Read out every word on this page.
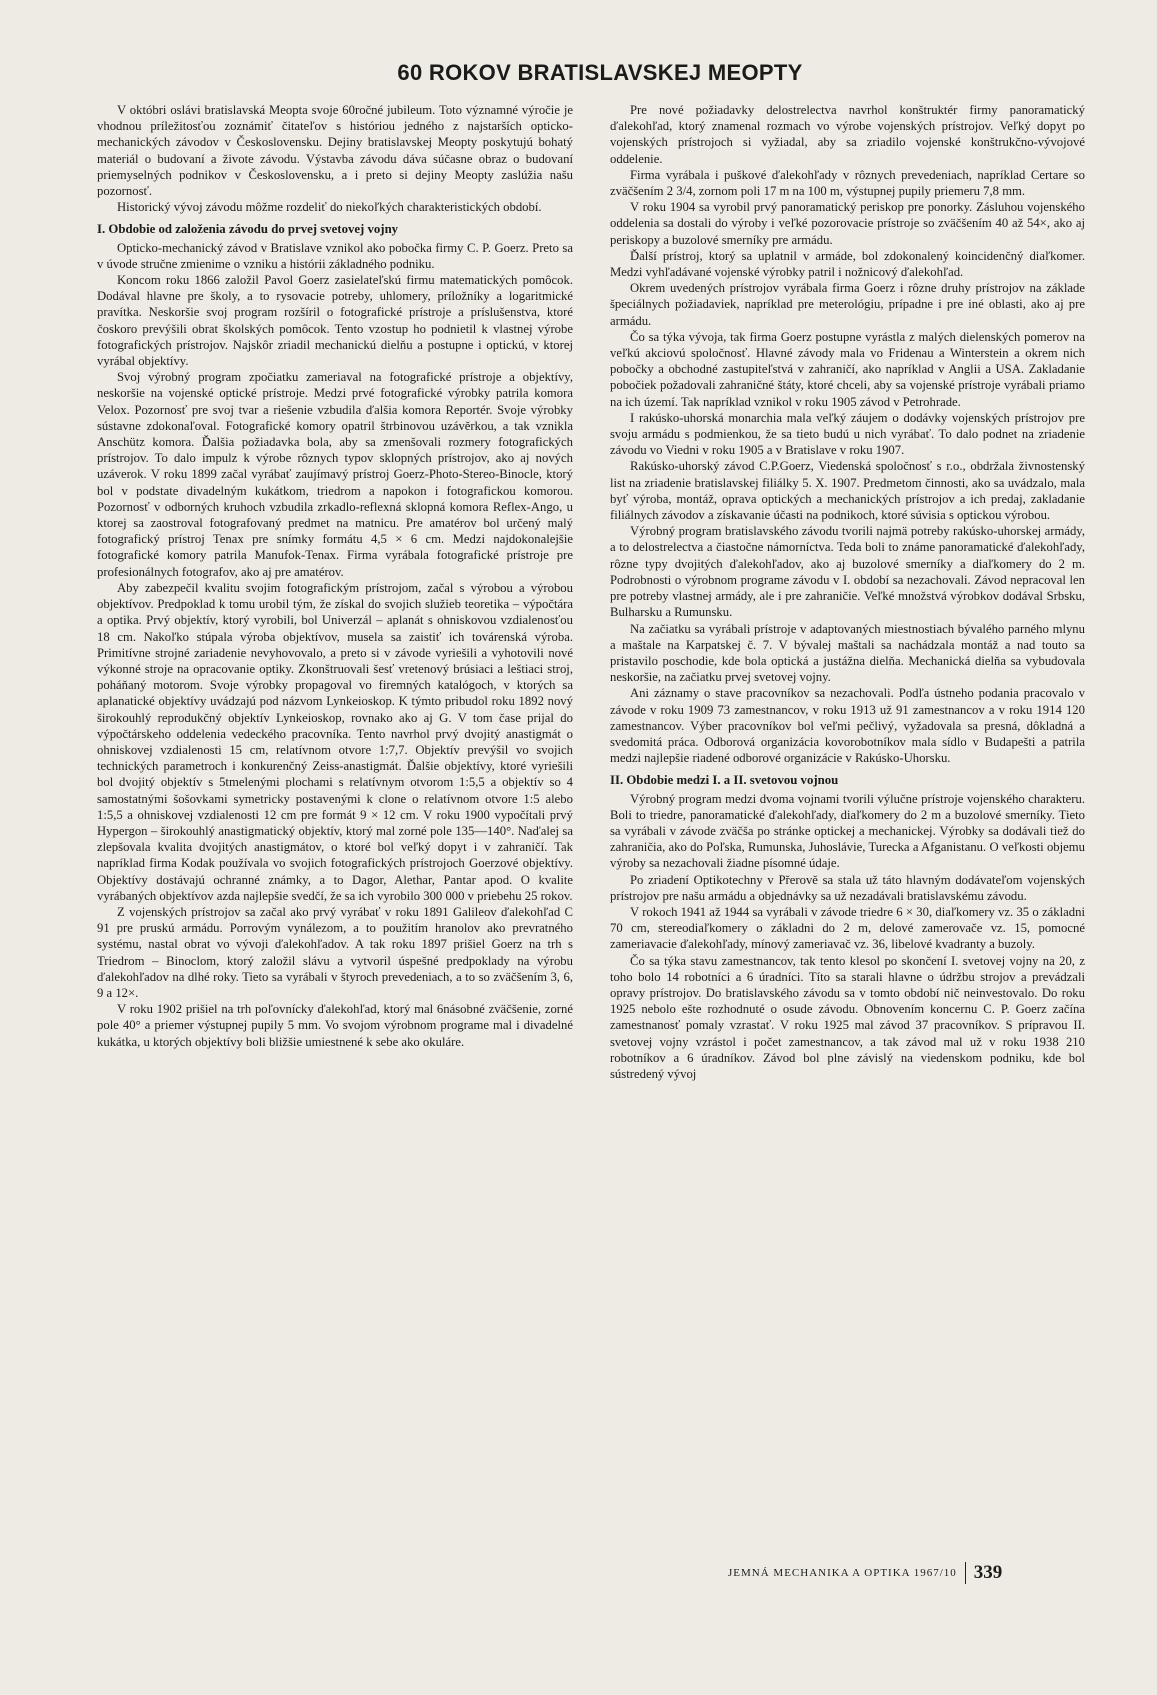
60 ROKOV BRATISLAVSKEJ MEOPTY

V októbri oslávi bratislavská Meopta svoje 60ročné jubileum. Toto významné výročie je vhodnou príležitosťou zoznámiť čitateľov s históriou jedného z najstarších opticko-mechanických závodov v Československu. Dejiny bratislavskej Meopty poskytujú bohatý materiál o budovaní a živote závodu. Výstavba závodu dáva súčasne obraz o budovaní priemyselných podnikov v Československu, a i preto si dejiny Meopty zaslúžia našu pozornosť.

Historický vývoj závodu môžme rozdeliť do niekoľkých charakteristických období.

I. Obdobie od založenia závodu do prvej svetovej vojny

Opticko-mechanický závod v Bratislave vznikol ako pobočka firmy C. P. Goerz. Preto sa v úvode stručne zmienime o vzniku a histórii základného podniku.

Koncom roku 1866 založil Pavol Goerz zasielateľskú firmu matematických pomôcok. Dodával hlavne pre školy, a to rysovacie potreby, uhlomery, príložníky a logaritmické pravítka. Neskoršie svoj program rozšíril o fotografické prístroje a príslušenstva, ktoré čoskoro prevýšili obrat školských pomôcok. Tento vzostup ho podnietil k vlastnej výrobe fotografických prístrojov. Najskôr zriadil mechanickú dielňu a postupne i optickú, v ktorej vyrábal objektívy.

Svoj výrobný program zpočiatku zameriaval na fotografické prístroje a objektívy, neskoršie na vojenské optické prístroje. Medzi prvé fotografické výrobky patrila komora Velox. Pozornosť pre svoj tvar a riešenie vzbudila ďalšia komora Reportér. Svoje výrobky sústavne zdokonaľoval. Fotografické komory opatril štrbinovou uzávěrkou, a tak vznikla Anschütz komora. Ďalšia požiadavka bola, aby sa zmenšovali rozmery fotografických prístrojov. To dalo impulz k výrobe rôznych typov sklopných prístrojov, ako aj nových uzáverok. V roku 1899 začal vyrábať zaujímavý prístroj Goerz-Photo-Stereo-Binocle, ktorý bol v podstate divadelným kukátkom, triedrom a napokon i fotografickou komorou. Pozornosť v odborných kruhoch vzbudila zrkadlo-reflexná sklopná komora Reflex-Ango, u ktorej sa zaostroval fotografovaný predmet na matnicu. Pre amatérov bol určený malý fotografický prístroj Tenax pre snímky formátu 4,5 × 6 cm. Medzi najdokonalejšie fotografické komory patrila Manufok-Tenax. Firma vyrábala fotografické prístroje pre profesionálnych fotografov, ako aj pre amatérov.

Aby zabezpečil kvalitu svojim fotografickým prístrojom, začal s výrobou a výrobou objektívov. Predpoklad k tomu urobil tým, že získal do svojich služieb teoretika – výpočtára a optika. Prvý objektív, ktorý vyrobili, bol Univerzál – aplanát s ohniskovou vzdialenosťou 18 cm. Nakoľko stúpala výroba objektívov, musela sa zaistiť ich továrenská výroba. Primitívne strojné zariadenie nevyhovovalo, a preto si v závode vyriešili a vyhotovili nové výkonné stroje na opracovanie optiky. Zkonštruovali šesť vretenový brúsiaci a leštiaci stroj, poháňaný motorom. Svoje výrobky propagoval vo firemných katalógoch, v ktorých sa aplanatické objektívy uvádzajú pod názvom Lynkeioskop. K týmto pribudol roku 1892 nový širokouhlý reprodukčný objektív Lynkeioskop, rovnako ako aj G. V tom čase prijal do výpočtárskeho oddelenia vedeckého pracovníka. Tento navrhol prvý dvojitý anastigmát o ohniskovej vzdialenosti 15 cm, relatívnom otvore 1:7,7. Objektív prevýšil vo svojich technických parametroch i konkurenčný Zeiss-anastigmát. Ďalšie objektívy, ktoré vyriešili bol dvojitý objektív s 5tmelenými plochami s relatívnym otvorom 1:5,5 a objektív so 4 samostatnými šošovkami symetricky postavenými k clone o relatívnom otvore 1:5 alebo 1:5,5 a ohniskovej vzdialenosti 12 cm pre formát 9 × 12 cm. V roku 1900 vypočítali prvý Hypergon – širokouhlý anastigmatický objektív, ktorý mal zorné pole 135—140°. Naďalej sa zlepšovala kvalita dvojitých anastigmátov, o ktoré bol veľký dopyt i v zahraničí. Tak napríklad firma Kodak používala vo svojich fotografických prístrojoch Goerzové objektívy. Objektívy dostávajú ochranné známky, a to Dagor, Alethar, Pantar apod. O kvalite vyrábaných objektívov azda najlepšie svedčí, že sa ich vyrobilo 300 000 v priebehu 25 rokov.

Z vojenských prístrojov sa začal ako prvý vyrábať v roku 1891 Galileov ďalekohľad C 91 pre pruskú armádu. Porrovým vynálezom, a to použitím hranolov ako prevratného systému, nastal obrat vo vývoji ďalekohľadov. A tak roku 1897 prišiel Goerz na trh s Triedrom – Binoclom, ktorý založil slávu a vytvoril úspešné predpoklady na výrobu ďalekohľadov na dlhé roky. Tieto sa vyrábali v štyroch prevedeniach, a to so zväčšením 3, 6, 9 a 12×.

V roku 1902 prišiel na trh poľovnícky ďalekohľad, ktorý mal 6násobné zväčšenie, zorné pole 40° a priemer výstupnej pupily 5 mm. Vo svojom výrobnom programe mal i divadelné kukátka, u ktorých objektívy boli bližšie umiestnené k sebe ako okuláre.

Pre nové požiadavky delostrelectva navrhol konštruktér firmy panoramatický ďalekohľad, ktorý znamenal rozmach vo výrobe vojenských prístrojov. Veľký dopyt po vojenských prístrojoch si vyžiadal, aby sa zriadilo vojenské konštrukčno-vývojové oddelenie.

Firma vyrábala i puškové ďalekohľady v rôznych prevedeniach, napríklad Certare so zväčšením 2 3/4, zornom poli 17 m na 100 m, výstupnej pupily priemeru 7,8 mm.

V roku 1904 sa vyrobil prvý panoramatický periskop pre ponorky. Zásluhou vojenského oddelenia sa dostali do výroby i veľké pozorovacie prístroje so zväčšením 40 až 54×, ako aj periskopy a buzolové smerníky pre armádu.

Ďalší prístroj, ktorý sa uplatnil v armáde, bol zdokonalený koincidenčný diaľkomer. Medzi vyhľadávané vojenské výrobky patril i nožnicový ďalekohľad.

Okrem uvedených prístrojov vyrábala firma Goerz i rôzne druhy prístrojov na základe špeciálnych požiadaviek, napríklad pre meterológiu, prípadne i pre iné oblasti, ako aj pre armádu.

Čo sa týka vývoja, tak firma Goerz postupne vyrástla z malých dielenských pomerov na veľkú akciovú spoločnosť. Hlavné závody mala vo Fridenau a Winterstein a okrem nich pobočky a obchodné zastupiteľstvá v zahraničí, ako napríklad v Anglii a USA. Zakladanie pobočiek požadovali zahraničné štáty, ktoré chceli, aby sa vojenské prístroje vyrábali priamo na ich území. Tak napríklad vznikol v roku 1905 závod v Petrohrade.

I rakúsko-uhorská monarchia mala veľký záujem o dodávky vojenských prístrojov pre svoju armádu s podmienkou, že sa tieto budú u nich vyrábať. To dalo podnet na zriadenie závodu vo Viedni v roku 1905 a v Bratislave v roku 1907.

Rakúsko-uhorský závod C.P.Goerz, Viedenská spoločnosť s r.o., obdržala živnostenský list na zriadenie bratislavskej filiálky 5. X. 1907. Predmetom činnosti, ako sa uvádzalo, mala byť výroba, montáž, oprava optických a mechanických prístrojov a ich predaj, zakladanie filiálnych závodov a získavanie účasti na podnikoch, ktoré súvisia s optickou výrobou.

Výrobný program bratislavského závodu tvorili najmä potreby rakúsko-uhorskej armády, a to delostrelectva a čiastočne námorníctva. Teda boli to známe panoramatické ďalekohľady, rôzne typy dvojitých ďalekohľadov, ako aj buzolové smerníky a diaľkomery do 2 m. Podrobnosti o výrobnom programe závodu v I. období sa nezachovali. Závod nepracoval len pre potreby vlastnej armády, ale i pre zahraničie. Veľké množstvá výrobkov dodával Srbsku, Bulharsku a Rumunsku.

Na začiatku sa vyrábali prístroje v adaptovaných miestnostiach bývalého parného mlynu a maštale na Karpatskej č. 7. V bývalej maštali sa nachádzala montáž a nad touto sa pristavilo poschodie, kde bola optická a justážna dielňa. Mechanická dielňa sa vybudovala neskoršie, na začiatku prvej svetovej vojny.

Ani záznamy o stave pracovníkov sa nezachovali. Podľa ústneho podania pracovalo v závode v roku 1909 73 zamestnancov, v roku 1913 už 91 zamestnancov a v roku 1914 120 zamestnancov. Výber pracovníkov bol veľmi pečlivý, vyžadovala sa presná, dôkladná a svedomitá práca. Odborová organizácia kovorobotníkov mala sídlo v Budapešti a patrila medzi najlepšie riadené odborové organizácie v Rakúsko-Uhorsku.

II. Obdobie medzi I. a II. svetovou vojnou

Výrobný program medzi dvoma vojnami tvorili výlučne prístroje vojenského charakteru. Boli to triedre, panoramatické ďalekohľady, diaľkomery do 2 m a buzolové smerníky. Tieto sa vyrábali v závode zväčša po stránke optickej a mechanickej. Výrobky sa dodávali tiež do zahraničia, ako do Poľska, Rumunska, Juhoslávie, Turecka a Afganistanu. O veľkosti objemu výroby sa nezachovali žiadne písomné údaje.

Po zriadení Optikotechny v Přerově sa stala už táto hlavným dodávateľom vojenských prístrojov pre našu armádu a objednávky sa už nezadávali bratislavskému závodu.

V rokoch 1941 až 1944 sa vyrábali v závode triedre 6 × 30, diaľkomery vz. 35 o základni 70 cm, stereodiaľkomery o základni do 2 m, delové zamerovače vz. 15, pomocné zameriavacie ďalekohľady, mínový zameriavač vz. 36, libelové kvadranty a buzoly.

Čo sa týka stavu zamestnancov, tak tento klesol po skončení I. svetovej vojny na 20, z toho bolo 14 robotníci a 6 úradníci. Títo sa starali hlavne o údržbu strojov a prevádzali opravy prístrojov. Do bratislavského závodu sa v tomto období nič neinvestovalo. Do roku 1925 nebolo ešte rozhodnuté o osude závodu. Obnovením koncernu C. P. Goerz začína zamestnanosť pomaly vzrastať. V roku 1925 mal závod 37 pracovníkov. S prípravou II. svetovej vojny vzrástol i počet zamestnancov, a tak závod mal už v roku 1938 210 robotníkov a 6 úradníkov. Závod bol plne závislý na viedenskom podniku, kde bol sústredený vývoj

JEMNÁ MECHANIKA A OPTIKA 1967/10 339
